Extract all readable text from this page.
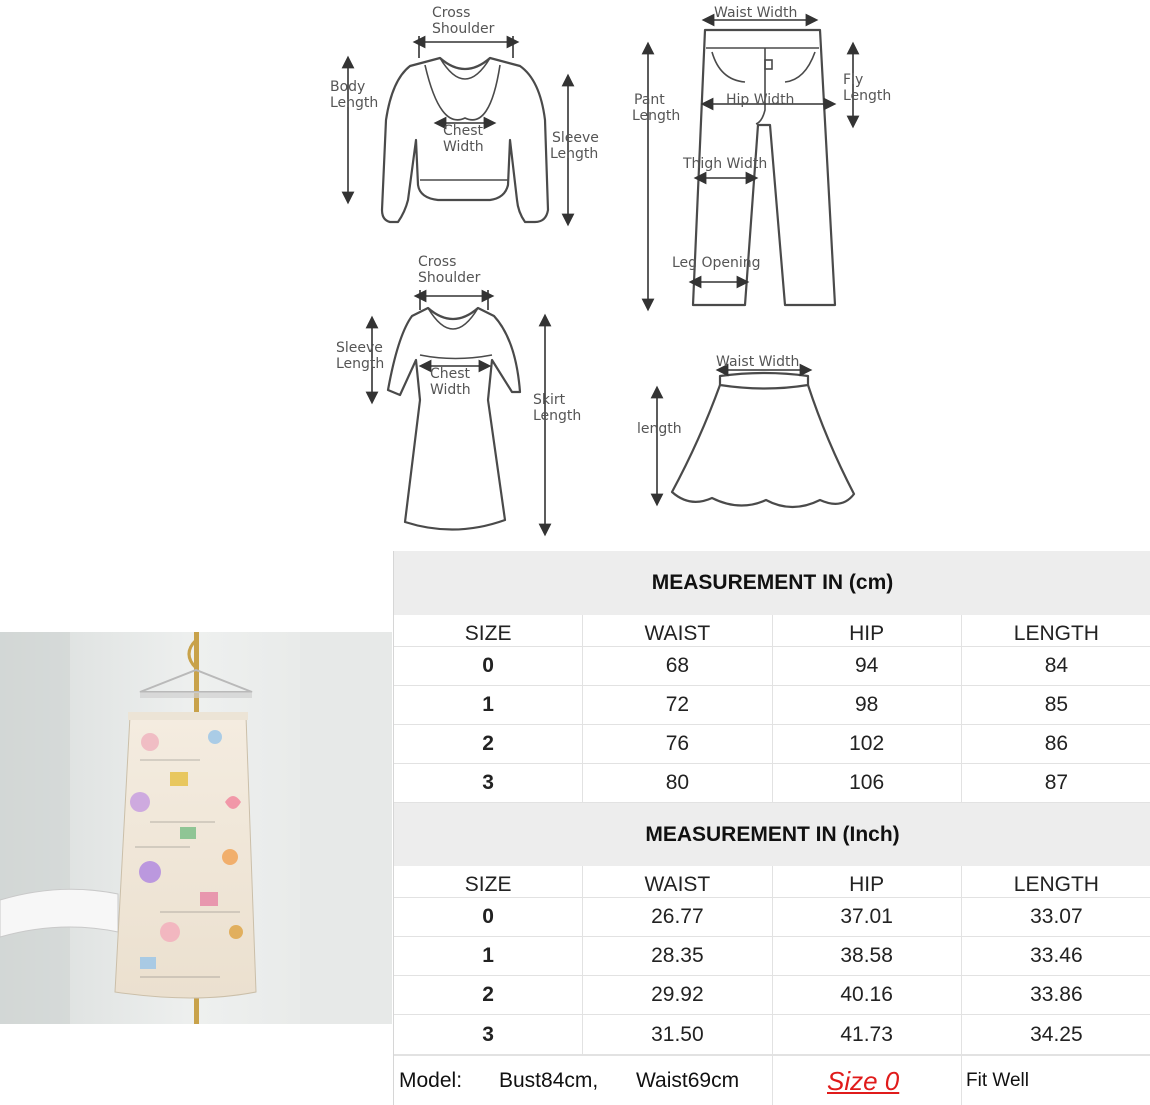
Cross
Shoulder
Body
Length
Chest
Width
Sleeve
Length
Waist Width
Pant
Length
Hip Width
Fly
Length
Thigh Width
Leg Opening
Cross
Shoulder
Sleeve
Length
Chest
Width
Skirt
Length
Waist Width
length
MEASUREMENT IN (cm)
SIZE	WAIST	HIP	LENGTH
0	68	94	84
1	72	98	85
2	76	102	86
3	80	106	87
MEASUREMENT IN (Inch)
SIZE	WAIST	HIP	LENGTH
0	26.77	37.01	33.07
1	28.35	38.58	33.46
2	29.92	40.16	33.86
3	31.50	41.73	34.25
Model: Bust84cm, Waist69cm	Size 0	Fit Well
